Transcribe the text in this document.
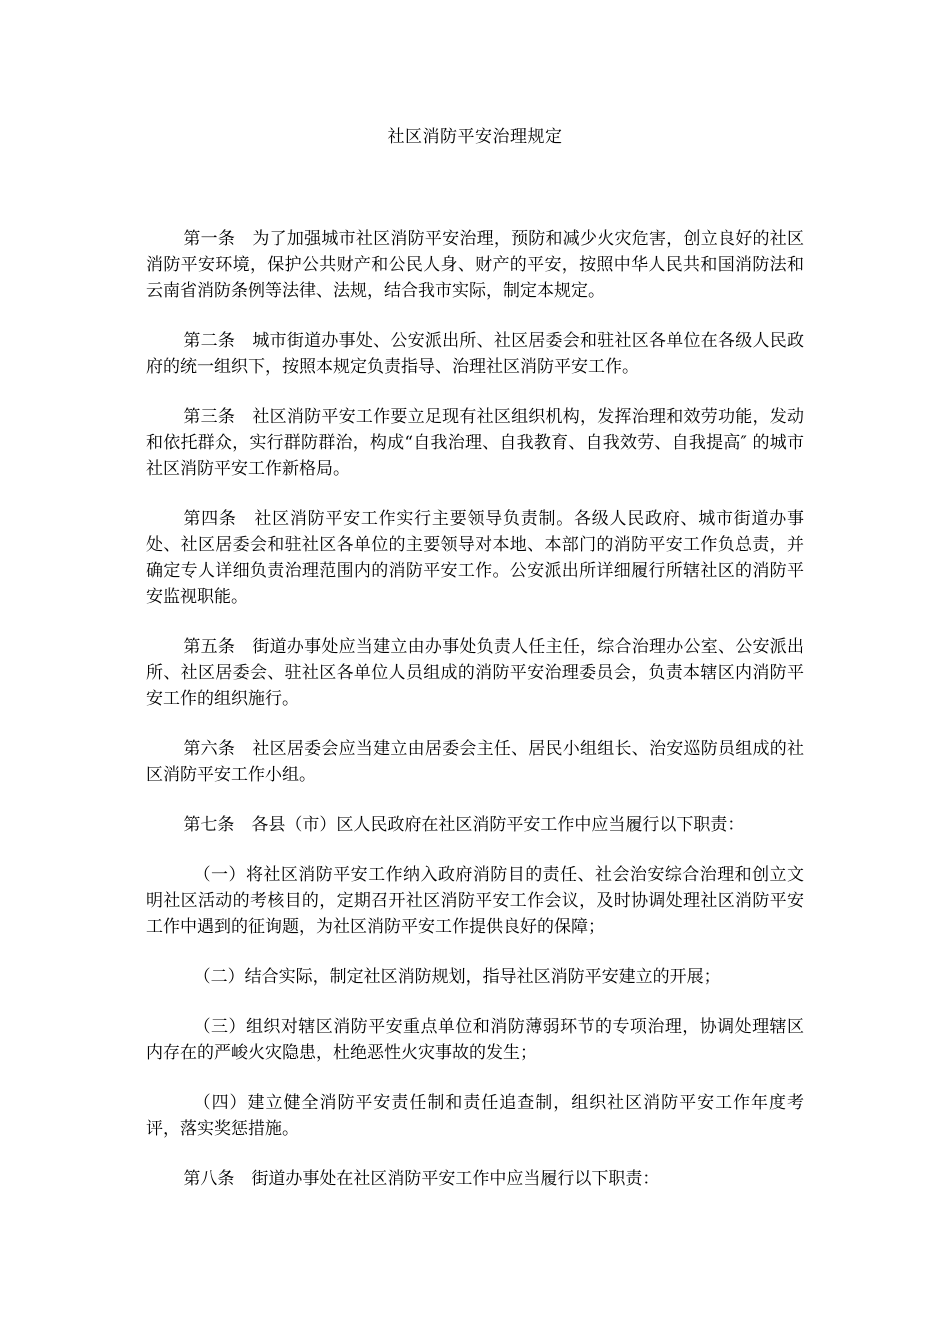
社区消防平安治理规定

第一条　为了加强城市社区消防平安治理，预防和减少火灾危害，创立良好的社区消防平安环境，保护公共财产和公民人身、财产的平安，按照中华人民共和国消防法和云南省消防条例等法律、法规，结合我市实际，制定本规定。

第二条　城市街道办事处、公安派出所、社区居委会和驻社区各单位在各级人民政府的统一组织下，按照本规定负责指导、治理社区消防平安工作。

第三条　社区消防平安工作要立足现有社区组织机构，发挥治理和效劳功能，发动和依托群众，实行群防群治，构成“自我治理、自我教育、自我效劳、自我提高″ 的城市社区消防平安工作新格局。

第四条　社区消防平安工作实行主要领导负责制。各级人民政府、城市街道办事处、社区居委会和驻社区各单位的主要领导对本地、本部门的消防平安工作负总责，并确定专人详细负责治理范围内的消防平安工作。公安派出所详细履行所辖社区的消防平安监视职能。

第五条　街道办事处应当建立由办事处负责人任主任，综合治理办公室、公安派出所、社区居委会、驻社区各单位人员组成的消防平安治理委员会，负责本辖区内消防平安工作的组织施行。

第六条　社区居委会应当建立由居委会主任、居民小组组长、治安巡防员组成的社区消防平安工作小组。

第七条　各县（市）区人民政府在社区消防平安工作中应当履行以下职责：

（一）将社区消防平安工作纳入政府消防目的责任、社会治安综合治理和创立文明社区活动的考核目的，定期召开社区消防平安工作会议，及时协调处理社区消防平安工作中遇到的征询题，为社区消防平安工作提供良好的保障；

（二）结合实际，制定社区消防规划，指导社区消防平安建立的开展；

（三）组织对辖区消防平安重点单位和消防薄弱环节的专项治理，协调处理辖区内存在的严峻火灾隐患，杜绝恶性火灾事故的发生；

（四）建立健全消防平安责任制和责任追查制，组织社区消防平安工作年度考评，落实奖惩措施。

第八条　街道办事处在社区消防平安工作中应当履行以下职责：
